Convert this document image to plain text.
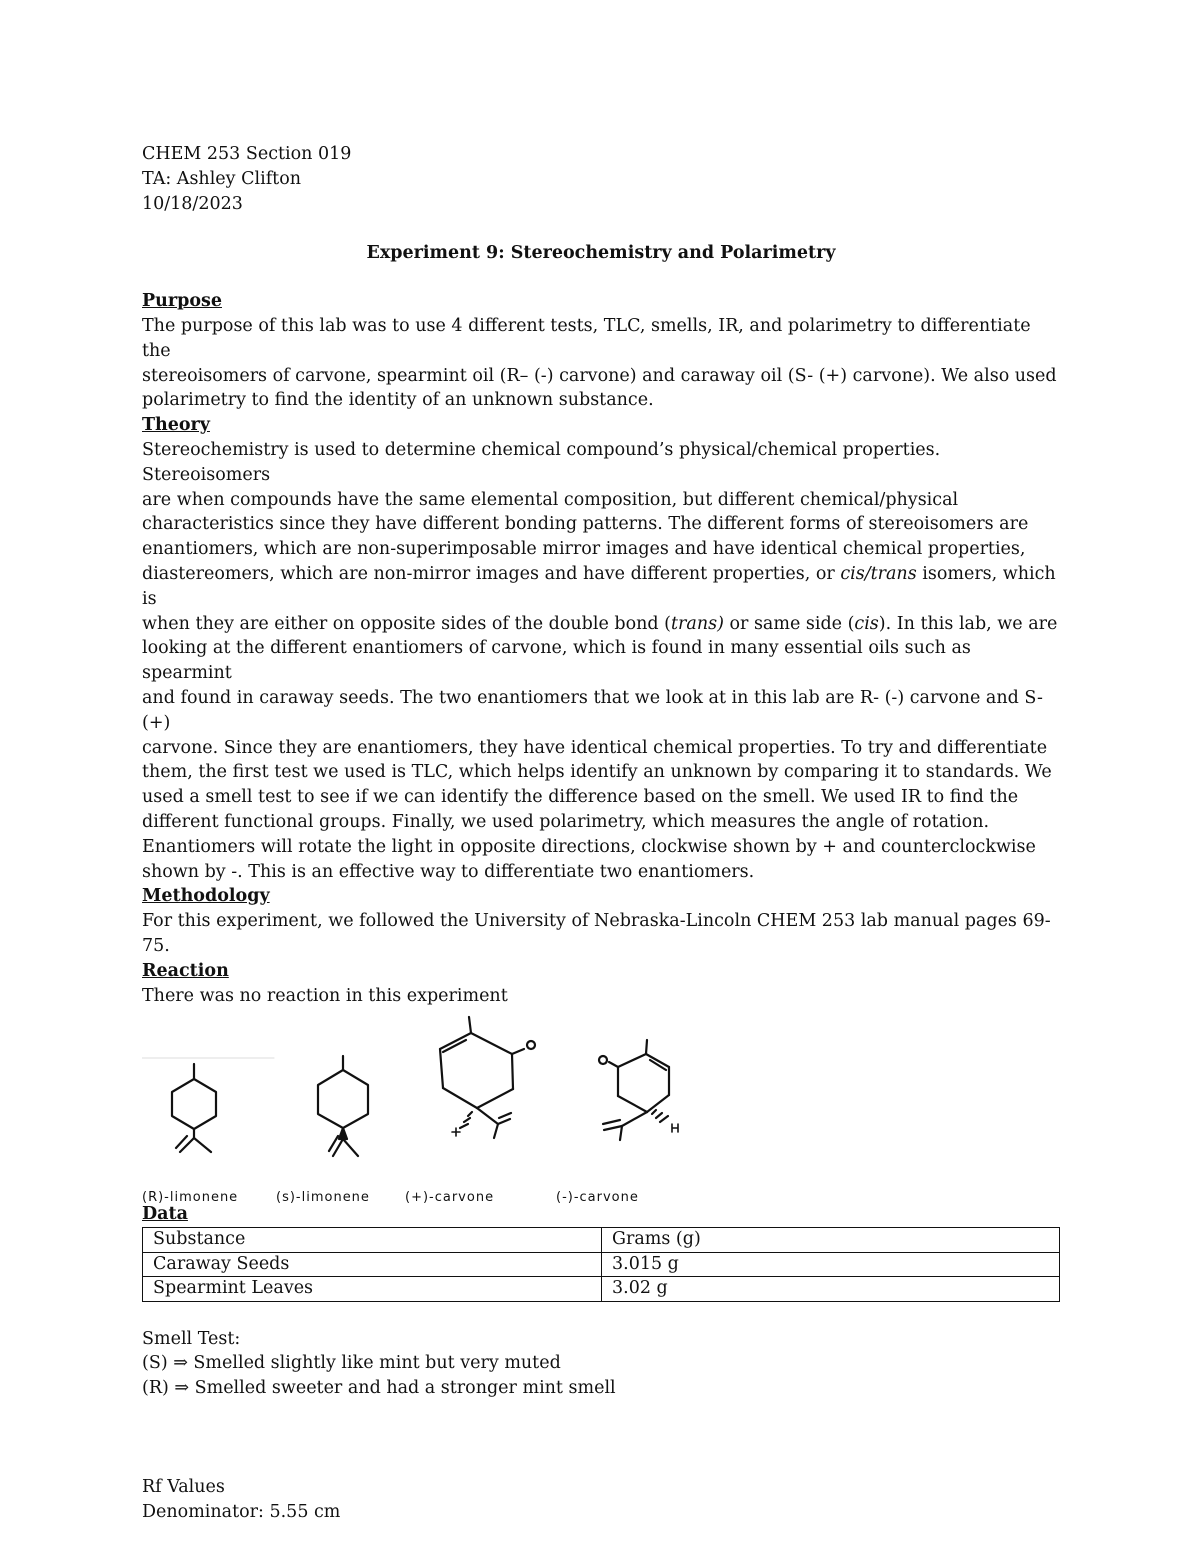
CHEM 253 Section 019
TA: Ashley Clifton
10/18/2023
Experiment 9: Stereochemistry and Polarimetry
Purpose
The purpose of this lab was to use 4 different tests, TLC, smells, IR, and polarimetry to differentiate the
stereoisomers of carvone, spearmint oil (R– (-) carvone) and caraway oil (S- (+) carvone). We also used
polarimetry to find the identity of an unknown substance.
Theory
Stereochemistry is used to determine chemical compound’s physical/chemical properties. Stereoisomers
are when compounds have the same elemental composition, but different chemical/physical
characteristics since they have different bonding patterns. The different forms of stereoisomers are
enantiomers, which are non-superimposable mirror images and have identical chemical properties,
diastereomers, which are non-mirror images and have different properties, or cis/trans isomers, which is
when they are either on opposite sides of the double bond (trans) or same side (cis). In this lab, we are
looking at the different enantiomers of carvone, which is found in many essential oils such as spearmint
and found in caraway seeds. The two enantiomers that we look at in this lab are R- (-) carvone and S- (+)
carvone. Since they are enantiomers, they have identical chemical properties. To try and differentiate
them, the first test we used is TLC, which helps identify an unknown by comparing it to standards. We
used a smell test to see if we can identify the difference based on the smell. We used IR to find the
different functional groups. Finally, we used polarimetry, which measures the angle of rotation.
Enantiomers will rotate the light in opposite directions, clockwise shown by + and counterclockwise
shown by -. This is an effective way to differentiate two enantiomers.
Methodology
For this experiment, we followed the University of Nebraska-Lincoln CHEM 253 lab manual pages 69-
75.
Reaction
There was no reaction in this experiment
(R)-limonene	(s)-limonene	(+)-carvone	(-)-carvone
Data
Substance	Grams (g)
Caraway Seeds	3.015 g
Spearmint Leaves	3.02 g
Smell Test:
(S) ⇒ Smelled slightly like mint but very muted
(R) ⇒ Smelled sweeter and had a stronger mint smell
Rf Values
Denominator: 5.55 cm
